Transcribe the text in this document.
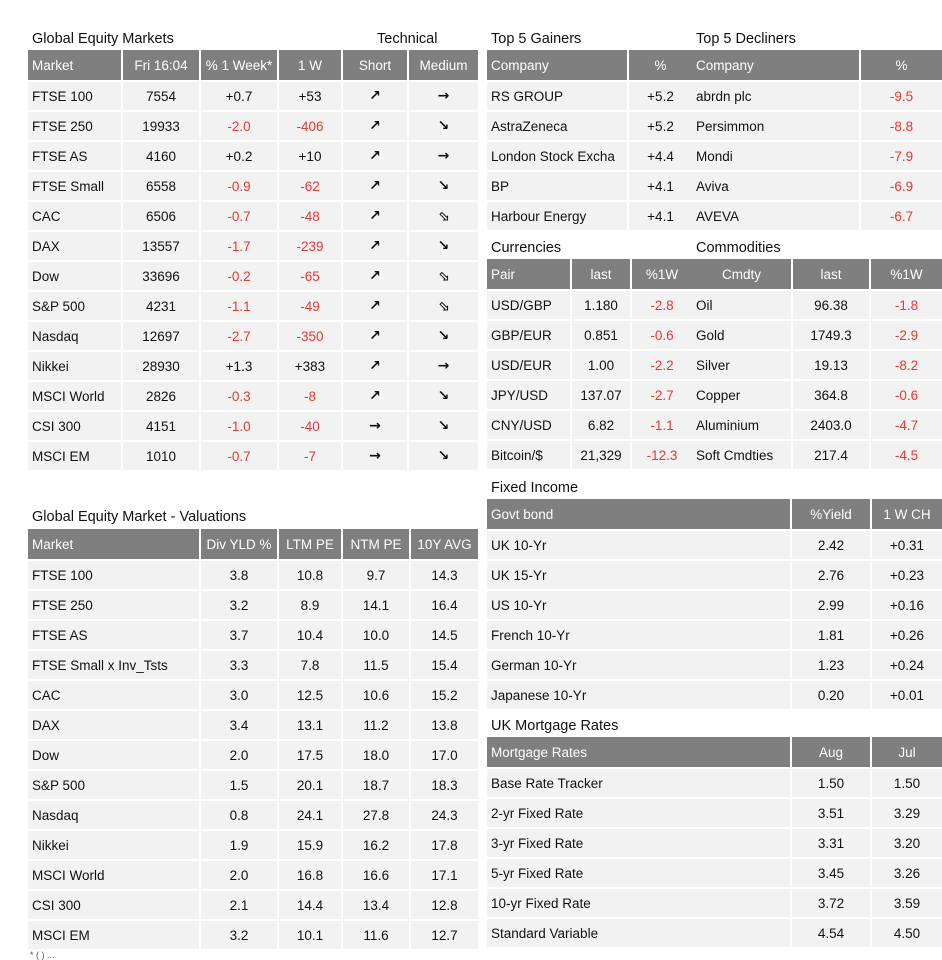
Global Equity Markets	Technical
Market	Fri 16:04	% 1 Week*	1 W	Short	Medium
FTSE 100	7554	+0.7	+53	↗	→
FTSE 250	19933	-2.0	-406	↗	↘
FTSE AS	4160	+0.2	+10	↗	→
FTSE Small	6558	-0.9	-62	↗	↘
CAC	6506	-0.7	-48	↗	⬂
DAX	13557	-1.7	-239	↗	↘
Dow	33696	-0.2	-65	↗	⬂
S&P 500	4231	-1.1	-49	↗	⬂
Nasdaq	12697	-2.7	-350	↗	↘
Nikkei	28930	+1.3	+383	↗	→
MSCI World	2826	-0.3	-8	↗	↘
CSI 300	4151	-1.0	-40	→	↘
MSCI EM	1010	-0.7	-7	→	↘
Global Equity Market - Valuations
Market	Div YLD %	LTM PE	NTM PE	10Y AVG
FTSE 100	3.8	10.8	9.7	14.3
FTSE 250	3.2	8.9	14.1	16.4
FTSE AS	3.7	10.4	10.0	14.5
FTSE Small x Inv_Tsts	3.3	7.8	11.5	15.4
CAC	3.0	12.5	10.6	15.2
DAX	3.4	13.1	11.2	13.8
Dow	2.0	17.5	18.0	17.0
S&P 500	1.5	20.1	18.7	18.3
Nasdaq	0.8	24.1	27.8	24.3
Nikkei	1.9	15.9	16.2	17.8
MSCI World	2.0	16.8	16.6	17.1
CSI 300	2.1	14.4	13.4	12.8
MSCI EM	3.2	10.1	11.6	12.7
Top 5 Gainers
Company	%
RS GROUP	+5.2
AstraZeneca	+5.2
London Stock Excha	+4.4
BP	+4.1
Harbour Energy	+4.1
Top 5 Decliners
Company	%
abrdn plc	-9.5
Persimmon	-8.8
Mondi	-7.9
Aviva	-6.9
AVEVA	-6.7
Currencies
Pair	last	%1W
USD/GBP	1.180	-2.8
GBP/EUR	0.851	-0.6
USD/EUR	1.00	-2.2
JPY/USD	137.07	-2.7
CNY/USD	6.82	-1.1
Bitcoin/$	21,329	-12.3
Commodities
Cmdty	last	%1W
Oil	96.38	-1.8
Gold	1749.3	-2.9
Silver	19.13	-8.2
Copper	364.8	-0.6
Aluminium	2403.0	-4.7
Soft Cmdties	217.4	-4.5
Fixed Income
Govt bond	%Yield	1 W CH
UK 10-Yr	2.42	+0.31
UK 15-Yr	2.76	+0.23
US 10-Yr	2.99	+0.16
French 10-Yr	1.81	+0.26
German 10-Yr	1.23	+0.24
Japanese 10-Yr	0.20	+0.01
UK Mortgage Rates
Mortgage Rates	Aug	Jul
Base Rate Tracker	1.50	1.50
2-yr Fixed Rate	3.51	3.29
3-yr Fixed Rate	3.31	3.20
5-yr Fixed Rate	3.45	3.26
10-yr Fixed Rate	3.72	3.59
Standard Variable	4.54	4.50
* ( ) ...
